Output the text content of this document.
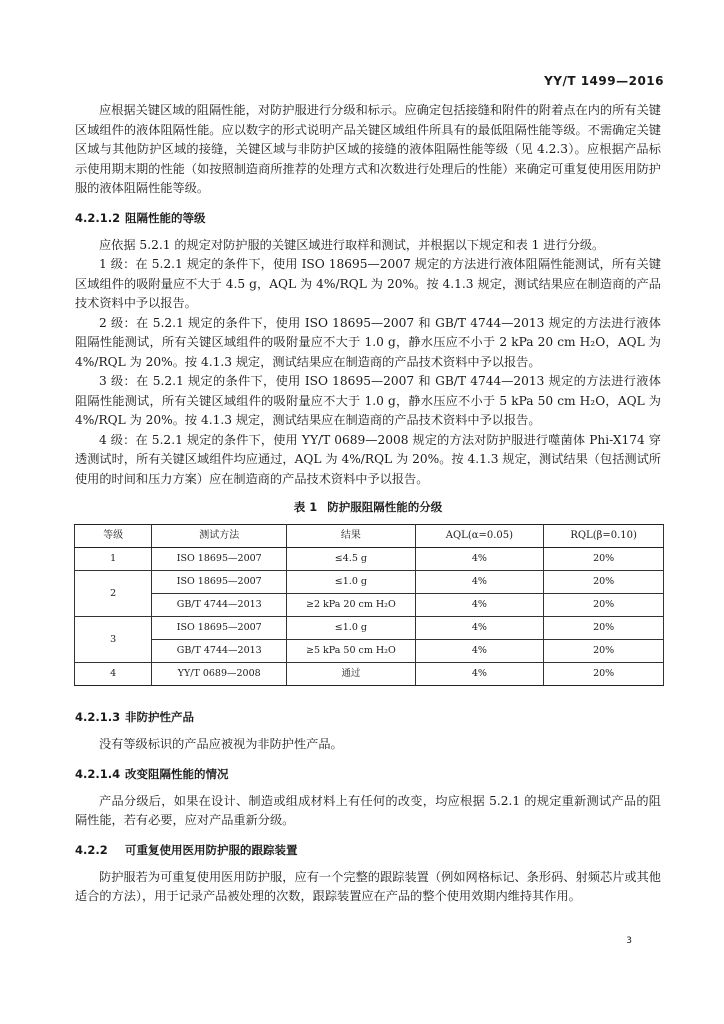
YY/T 1499—2016

应根据关键区域的阻隔性能，对防护服进行分级和标示。应确定包括接缝和附件的附着点在内的所有关键区域组件的液体阻隔性能。应以数字的形式说明产品关键区域组件所具有的最低阻隔性能等级。不需确定关键区域与其他防护区域的接缝，关键区域与非防护区域的接缝的液体阻隔性能等级（见 4.2.3）。应根据产品标示使用期末期的性能（如按照制造商所推荐的处理方式和次数进行处理后的性能）来确定可重复使用医用防护服的液体阻隔性能等级。

4.2.1.2 阻隔性能的等级

应依据 5.2.1 的规定对防护服的关键区域进行取样和测试，并根据以下规定和表 1 进行分级。

1 级：在 5.2.1 规定的条件下，使用 ISO 18695—2007 规定的方法进行液体阻隔性能测试，所有关键区域组件的吸附量应不大于 4.5 g，AQL 为 4%/RQL 为 20%。按 4.1.3 规定，测试结果应在制造商的产品技术资料中予以报告。

2 级：在 5.2.1 规定的条件下，使用 ISO 18695—2007 和 GB/T 4744—2013 规定的方法进行液体阻隔性能测试，所有关键区域组件的吸附量应不大于 1.0 g，静水压应不小于 2 kPa 20 cm H₂O，AQL 为 4%/RQL 为 20%。按 4.1.3 规定，测试结果应在制造商的产品技术资料中予以报告。

3 级：在 5.2.1 规定的条件下，使用 ISO 18695—2007 和 GB/T 4744—2013 规定的方法进行液体阻隔性能测试，所有关键区域组件的吸附量应不大于 1.0 g，静水压应不小于 5 kPa 50 cm H₂O，AQL 为 4%/RQL 为 20%。按 4.1.3 规定，测试结果应在制造商的产品技术资料中予以报告。

4 级：在 5.2.1 规定的条件下，使用 YY/T 0689—2008 规定的方法对防护服进行噬菌体 Phi-X174 穿透测试时，所有关键区域组件均应通过，AQL 为 4%/RQL 为 20%。按 4.1.3 规定，测试结果（包括测试所使用的时间和压力方案）应在制造商的产品技术资料中予以报告。

表 1 防护服阻隔性能的分级
等级	测试方法	结果	AQL(α=0.05)	RQL(β=0.10)
1	ISO 18695—2007	≤4.5 g	4%	20%
2	ISO 18695—2007	≤1.0 g	4%	20%
	GB/T 4744—2013	≥2 kPa 20 cm H₂O	4%	20%
3	ISO 18695—2007	≤1.0 g	4%	20%
	GB/T 4744—2013	≥5 kPa 50 cm H₂O	4%	20%
4	YY/T 0689—2008	通过	4%	20%
4.2.1.3 非防护性产品

没有等级标识的产品应被视为非防护性产品。

4.2.1.4 改变阻隔性能的情况

产品分级后，如果在设计、制造或组成材料上有任何的改变，均应根据 5.2.1 的规定重新测试产品的阻隔性能，若有必要，应对产品重新分级。

4.2.2 可重复使用医用防护服的跟踪装置

防护服若为可重复使用医用防护服，应有一个完整的跟踪装置（例如网格标记、条形码、射频芯片或其他适合的方法），用于记录产品被处理的次数，跟踪装置应在产品的整个使用效期内维持其作用。

3
